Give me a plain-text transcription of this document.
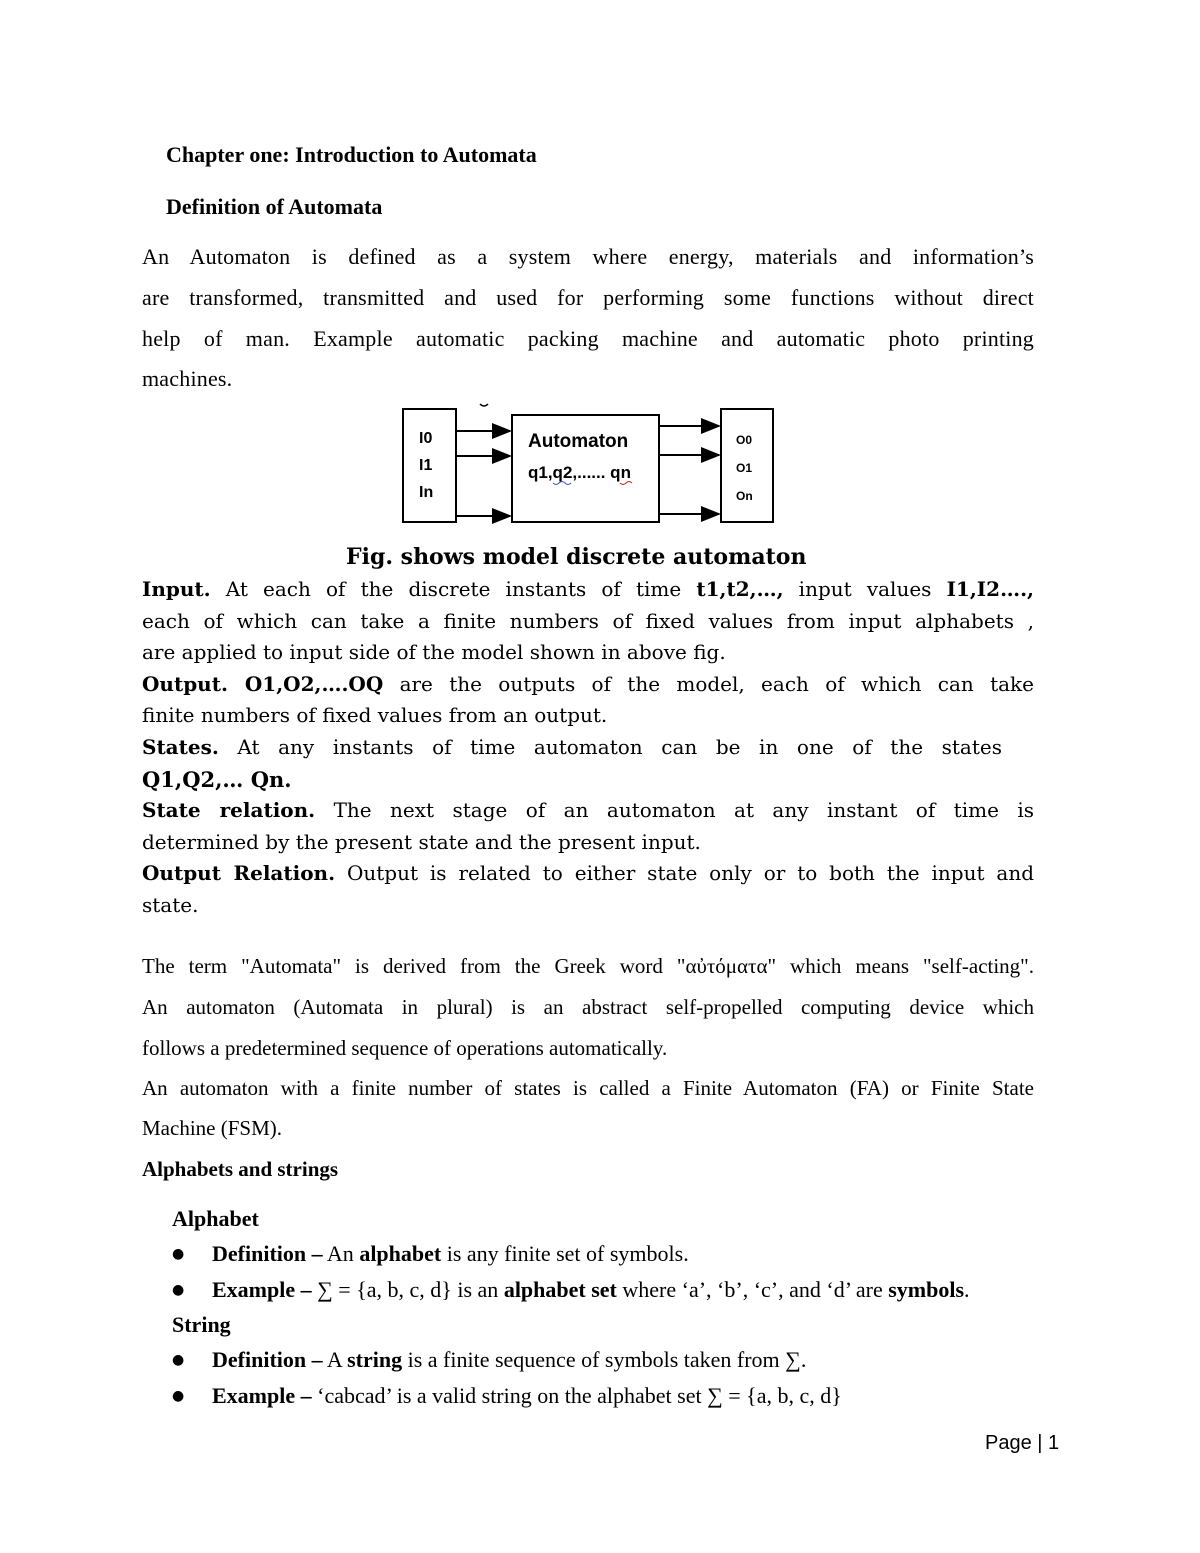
Chapter one: Introduction to Automata
Definition of Automata
An Automaton is defined as a system where energy, materials and information’s
are transformed, transmitted and used for performing some functions without direct
help of man. Example automatic packing machine and automatic photo printing
machines.
I0
I1
In
Automaton
q1,q2,...... qn
O0
O1
On
Fig. shows model discrete automaton
Input. At each of the discrete instants of time t1,t2,…, input values I1,I2….,
each of which can take a finite numbers of fixed values from input alphabets ,
are applied to input side of the model shown in above fig.
Output. O1,O2,….OQ are the outputs of the model, each of which can take
finite numbers of fixed values from an output.
States. At any instants of time automaton can be in one of the states
Q1,Q2,… Qn.
State relation. The next stage of an automaton at any instant of time is
determined by the present state and the present input.
Output Relation. Output is related to either state only or to both the input and
state.
The term "Automata" is derived from the Greek word "αὐτόματα" which means "self-acting".
An automaton (Automata in plural) is an abstract self-propelled computing device which
follows a predetermined sequence of operations automatically.
An automaton with a finite number of states is called a Finite Automaton (FA) or Finite State
Machine (FSM).
Alphabets and strings
Alphabet
● Definition – An alphabet is any finite set of symbols.
● Example – ∑ = {a, b, c, d} is an alphabet set where ‘a’, ‘b’, ‘c’, and ‘d’ are symbols.
String
● Definition – A string is a finite sequence of symbols taken from ∑.
● Example – ‘cabcad’ is a valid string on the alphabet set ∑ = {a, b, c, d}
Page | 1
